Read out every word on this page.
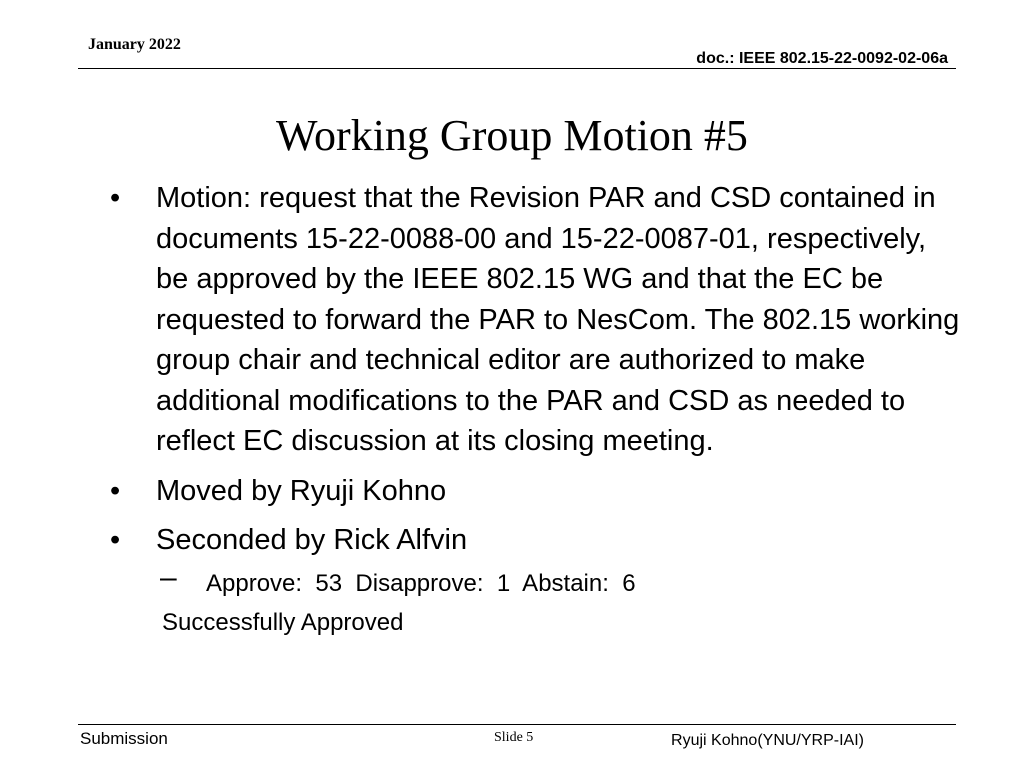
January 2022
doc.: IEEE 802.15-22-0092-02-06a
Working Group Motion #5
• Motion: request that the Revision PAR and CSD contained in documents 15-22-0088-00 and 15-22-0087-01, respectively, be approved by the IEEE 802.15 WG and that the EC be requested to forward the PAR to NesCom. The 802.15 working group chair and technical editor are authorized to make additional modifications to the PAR and CSD as needed to reflect EC discussion at its closing meeting.
• Moved by Ryuji Kohno
• Seconded by Rick Alfvin
– Approve:  53  Disapprove:  1  Abstain:  6
Successfully Approved
Submission	Slide 5	Ryuji Kohno(YNU/YRP-IAI)
